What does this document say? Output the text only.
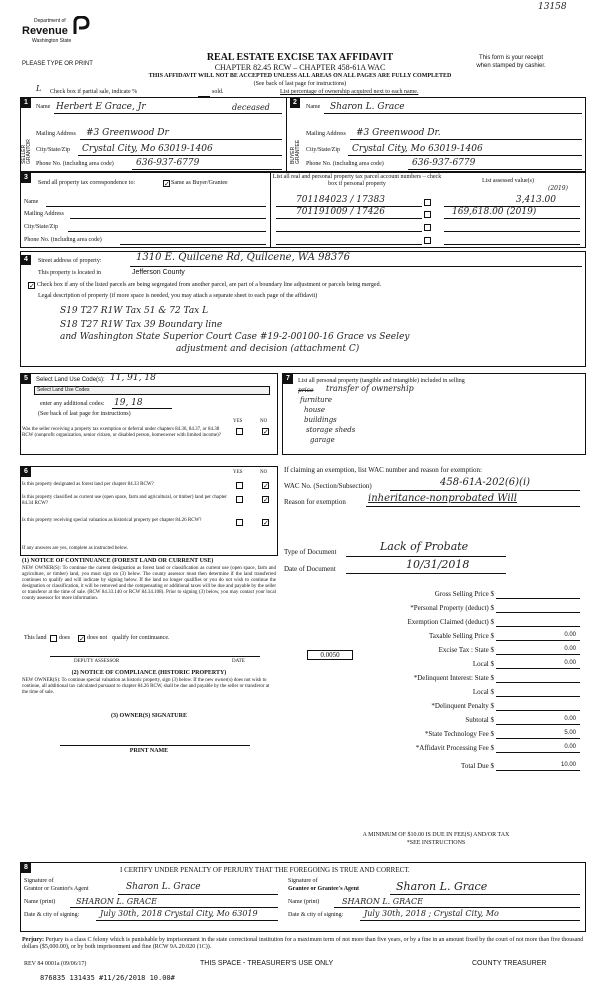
13158
Department of
Revenue
Washington State
PLEASE TYPE OR PRINT
REAL ESTATE EXCISE TAX AFFIDAVIT
CHAPTER 82.45 RCW – CHAPTER 458-61A WAC
THIS AFFIDAVIT WILL NOT BE ACCEPTED UNLESS ALL AREAS ON ALL PAGES ARE FULLY COMPLETED
(See back of last page for instructions)
This form is your receipt
when stamped by cashier.
L Check box if partial sale, indicate %	sold.	List percentage of ownership acquired next to each name.
1
SELLER GRANTOR
Name Herbert E Grace, Jr	deceased
Mailing Address #3 Greenwood Dr
City/State/Zip Crystal City, Mo 63019-1406
Phone No. (including area code) 636-937-6779
2
BUYER GRANTEE
Name Sharon L. Grace
Mailing Address #3 Greenwood Dr.
City/State/Zip Crystal City, Mo 63019-1406
Phone No. (including area code)	636-937-6779
3
Send all property tax correspondence to:	✓ Same as Buyer/Grantee
Name
Mailing Address
City/State/Zip
Phone No. (including area code)
List all real and personal property tax parcel account numbers – check box if personal property	List assessed value(s)
(2019)
701184023 / 17383	3,413.00
701191009 / 17426	169,618.00 (2019)
4	Street address of property:	1310 E. Quilcene Rd, Quilcene, WA 98376
This property is located in	Jefferson County
✓ Check box if any of the listed parcels are being segregated from another parcel, are part of a boundary line adjustment or parcels being merged.
Legal description of property (if more space is needed, you may attach a separate sheet to each page of the affidavit)
S19 T27 R1W Tax 51 & 72 Tax L
S18 T27 R1W Tax 39 Boundary line
and Washington State Superior Court Case #19-2-00100-16 Grace vs Seeley
adjustment and decision (attachment C)
5	Select Land Use Code(s): 11, 91, 18
Select Land Use Codes
enter any additional codes: 19, 18
(See back of last page for instructions)
YES	NO
Was the seller receiving a property tax exemption or deferral under chapters 84.36, 84.37, or 84.38 RCW (nonprofit organization, senior citizen, or disabled person, homeowner with limited income)?	✓
6	YES	NO
Is this property designated as forest land per chapter 84.33 RCW?	✓
Is this property classified as current use (open space, farm and agricultural, or timber) land per chapter 84.34 RCW?	✓
Is this property receiving special valuation as historical property per chapter 84.26 RCW?	✓
If any answers are yes, complete as instructed below.
(1) NOTICE OF CONTINUANCE (FOREST LAND OR CURRENT USE)
NEW OWNER(S): To continue the current designation as forest land or classification as current use (open space, farm and agriculture, or timber) land, you must sign on (3) below. The county assessor must then determine if the land transferred continues to qualify and will indicate by signing below. If the land no longer qualifies or you do not wish to continue the designation or classification, it will be removed and the compensating or additional taxes will be due and payable by the seller or transferor at the time of sale. (RCW 84.33.140 or RCW 84.34.108). Prior to signing (3) below, you may contact your local county assessor for more information.
This land does ✓ does not qualify for continuance.
DEPUTY ASSESSOR	DATE
(2) NOTICE OF COMPLIANCE (HISTORIC PROPERTY)
NEW OWNER(S): To continue special valuation as historic property, sign (3) below. If the new owner(s) does not wish to continue, all additional tax calculated pursuant to chapter 84.26 RCW, shall be due and payable by the seller or transferor at the time of sale.
(3) OWNER(S) SIGNATURE
PRINT NAME
7	List all personal property (tangible and intangible) included in selling
price transfer of ownership
furniture
house
buildings
storage sheds
garage
If claiming an exemption, list WAC number and reason for exemption:
WAC No. (Section/Subsection)	458-61A-202(6)(i)
Reason for exemption inheritance-nonprobated Will
Type of Document	Lack of Probate
Date of Document	10/31/2018
Gross Selling Price $
*Personal Property (deduct) $
Exemption Claimed (deduct) $
Taxable Selling Price $	0.00
Excise Tax : State $	0.00
Local $	0.00
*Delinquent Interest: State $
Local $
*Delinquent Penalty $
Subtotal $	0.00
*State Technology Fee $	5.00
*Affidavit Processing Fee $	0.00
Total Due $	10.00
0.0050
A MINIMUM OF $10.00 IS DUE IN FEE(S) AND/OR TAX
*SEE INSTRUCTIONS
8	I CERTIFY UNDER PENALTY OF PERJURY THAT THE FOREGOING IS TRUE AND CORRECT.
Signature of
Grantor or Grantor's Agent	Sharon L. Grace
Name (print)	SHARON L. GRACE
Date & city of signing:	July 30th, 2018 Crystal City, Mo 63019
Signature of
Grantee or Grantee's Agent	Sharon L. Grace
Name (print)	SHARON L. GRACE
Date & city of signing:	July 30th, 2018 ; Crystal City, Mo
Perjury: Perjury is a class C felony which is punishable by imprisonment in the state correctional institution for a maximum term of not more than five years, or by a fine in an amount fixed by the court of not more than five thousand dollars ($5,000.00), or by both imprisonment and fine (RCW 9A.20.020 (1C)).
REV 84 0001a (09/06/17)	THIS SPACE - TREASURER'S USE ONLY	COUNTY TREASURER
876835 131435 #11/26/2018 10.00#
